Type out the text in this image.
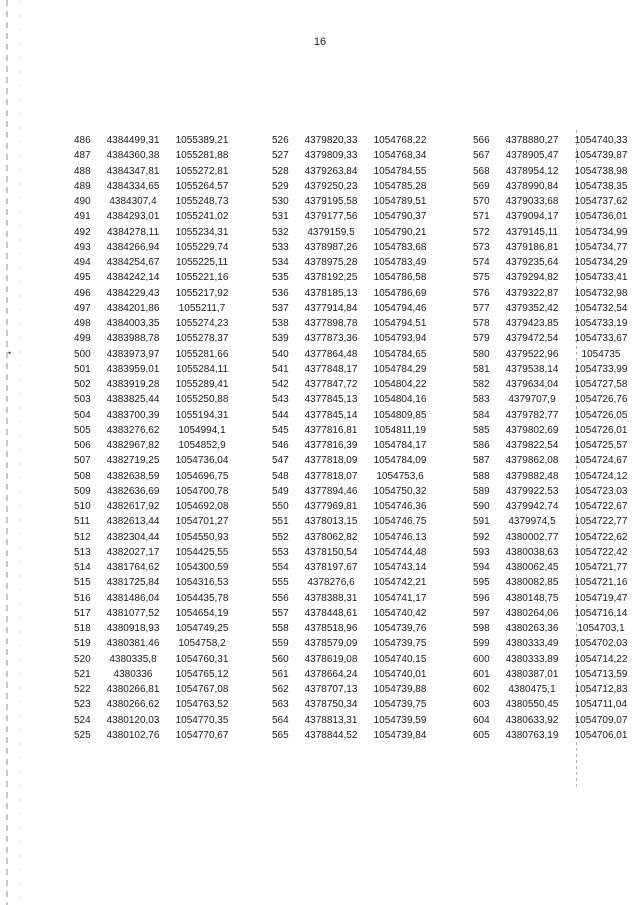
•
16
486	4384499,31	1055389,21
487	4384360,38	1055281,88
488	4384347,81	1055272,81
489	4384334,65	1055264,57
490	4384307,4	1055248,73
491	4384293,01	1055241,02
492	4384278,11	1055234,31
493	4384266,94	1055229,74
494	4384254,67	1055225,11
495	4384242,14	1055221,16
496	4384229,43	1055217,92
497	4384201,86	1055211,7
498	4384003,35	1055274,23
499	4383988,78	1055278,37
500	4383973,97	1055281,66
501	4383959,01	1055284,11
502	4383919,28	1055289,41
503	4383825,44	1055250,88
504	4383700,39	1055194,31
505	4383276,62	1054994,1
506	4382967,82	1054852,9
507	4382719,25	1054736,04
508	4382638,59	1054696,75
509	4382636,69	1054700,78
510	4382617,92	1054692,08
511	4382613,44	1054701,27
512	4382304,44	1054550,93
513	4382027,17	1054425,55
514	4381764,62	1054300,59
515	4381725,84	1054316,53
516	4381486,04	1054435,78
517	4381077,52	1054654,19
518	4380918,93	1054749,25
519	4380381,46	1054758,2
520	4380335,8	1054760,31
521	4380336	1054765,12
522	4380266,81	1054767,08
523	4380266,62	1054763,52
524	4380120,03	1054770,35
525	4380102,76	1054770,67
526	4379820,33	1054768,22
527	4379809,33	1054768,34
528	4379263,84	1054784,55
529	4379250,23	1054785,28
530	4379195,58	1054789,51
531	4379177,56	1054790,37
532	4379159,5	1054790,21
533	4378987,26	1054783,68
534	4378975,28	1054783,49
535	4378192,25	1054786,58
536	4378185,13	1054786,69
537	4377914,84	1054794,46
538	4377898,78	1054794,51
539	4377873,36	1054793,94
540	4377864,48	1054784,65
541	4377848,17	1054784,29
542	4377847,72	1054804,22
543	4377845,13	1054804,16
544	4377845,14	1054809,85
545	4377816,81	1054811,19
546	4377816,39	1054784,17
547	4377818,09	1054784,09
548	4377818,07	1054753,6
549	4377894,46	1054750,32
550	4377969,81	1054746,36
551	4378013,15	1054746,75
552	4378062,82	1054746,13
553	4378150,54	1054744,48
554	4378197,67	1054743,14
555	4378276,6	1054742,21
556	4378388,31	1054741,17
557	4378448,61	1054740,42
558	4378518,96	1054739,76
559	4378579,09	1054739,75
560	4378619,08	1054740,15
561	4378664,24	1054740,01
562	4378707,13	1054739,88
563	4378750,34	1054739,75
564	4378813,31	1054739,59
565	4378844,52	1054739,84
566	4378880,27	1054740,33
567	4378905,47	1054739,87
568	4378954,12	1054738,98
569	4378990,84	1054738,35
570	4379033,68	1054737,62
571	4379094,17	1054736,01
572	4379145,11	1054734,99
573	4379186,81	1054734,77
574	4379235,64	1054734,29
575	4379294,82	1054733,41
576	4379322,87	1054732,98
577	4379352,42	1054732,54
578	4379423,85	1054733,19
579	4379472,54	1054733,67
580	4379522,96	1054735
581	4379538,14	1054733,99
582	4379634,04	1054727,58
583	4379707,9	1054726,76
584	4379782,77	1054726,05
585	4379802,69	1054726,01
586	4379822,54	1054725,57
587	4379862,08	1054724,67
588	4379882,48	1054724,12
589	4379922,53	1054723,03
590	4379942,74	1054722,67
591	4379974,5	1054722,77
592	4380002,77	1054722,62
593	4380038,63	1054722,42
594	4380062,45	1054721,77
595	4380082,85	1054721,16
596	4380148,75	1054719,47
597	4380264,06	1054716,14
598	4380263,36	1054703,1
599	4380333,49	1054702,03
600	4380333,89	1054714,22
601	4380387,01	1054713,59
602	4380475,1	1054712,83
603	4380550,45	1054711,04
604	4380633,92	1054709,07
605	4380763,19	1054706,01
